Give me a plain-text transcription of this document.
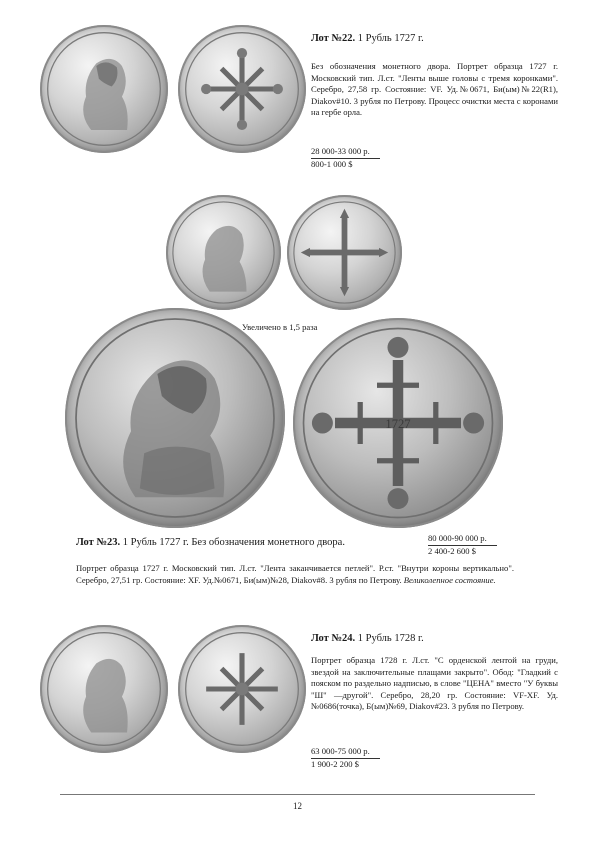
Лот №22. 1 Рубль 1727 г.
Без обозначения монетного двора. Портрет образца 1727 г. Московский тип. Л.ст. "Ленты выше головы с тремя коронками". Серебро, 27,58 гр. Состояние: VF. Уд.№0671, Би(ым)№22(R1), Diakov#10. 3 рубля по Петрову. Процесс очистки места с коронами на гербе орла.
28 000-33 000 р.
800-1 000 $
Увеличено в 1,5 раза
1727
Лот №23. 1 Рубль 1727 г. Без обозначения монетного двора.	80 000-90 000 р.
2 400-2 600 $
Портрет образца 1727 г. Московский тип. Л.ст. "Лента заканчивается петлей". Р.ст. "Внутри короны вертикально". Серебро, 27,51 гр. Состояние: XF. Уд.№0671, Би(ым)№28, Diakov#8. 3 рубля по Петрову. Великолепное состояние.
Лот №24. 1 Рубль 1728 г.
Портрет образца 1728 г. Л.ст. "С орденской лентой на груди, звездой на заключительные плащами закрыто". Обод: "Гладкий с пояском по раздельно надписью, в слове "ЦЕНА" вместо "У буквы "Ш" —другой". Серебро, 28,20 гр. Состояние: VF-XF. Уд.№0686(точка), Б(ым)№69, Diakov#23. 3 рубля по Петрову.
63 000-75 000 р.
1 900-2 200 $
12
